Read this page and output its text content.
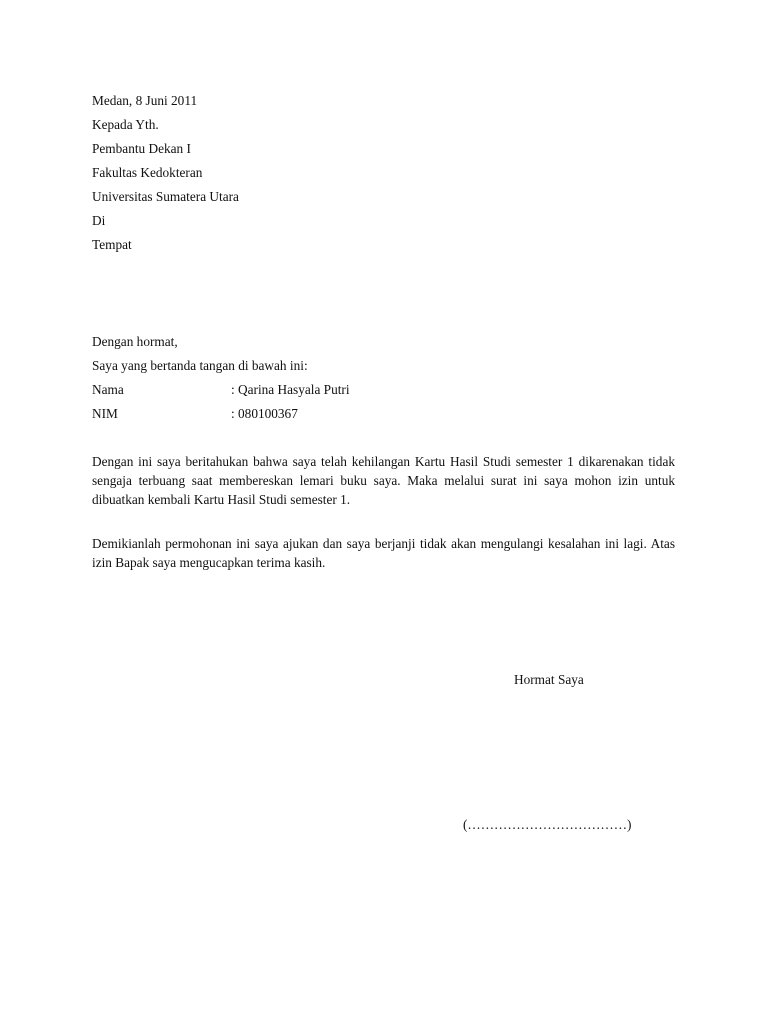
Medan, 8 Juni 2011
Kepada Yth.
Pembantu Dekan I
Fakultas Kedokteran
Universitas Sumatera Utara
Di
Tempat
Dengan hormat,
Saya yang bertanda tangan di bawah ini:
Nama	: Qarina Hasyala Putri
NIM	: 080100367
Dengan ini saya beritahukan bahwa saya telah kehilangan Kartu Hasil Studi semester 1 dikarenakan tidak sengaja terbuang saat membereskan lemari buku saya. Maka melalui surat ini saya mohon izin untuk dibuatkan kembali Kartu Hasil Studi semester 1.
Demikianlah permohonan ini saya ajukan dan saya berjanji tidak akan mengulangi kesalahan ini lagi. Atas izin Bapak saya mengucapkan terima kasih.
Hormat Saya
(………………………………)
